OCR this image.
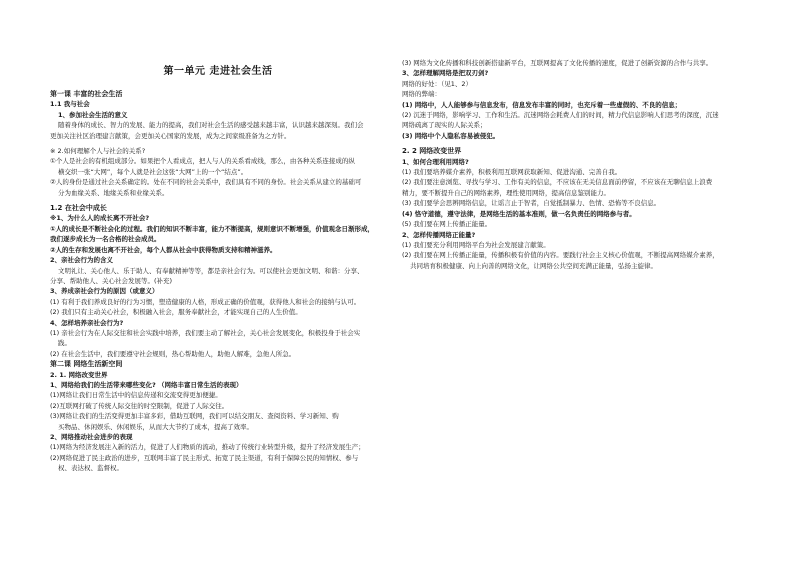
第一单元 走进社会生活
第一课 丰富的社会生活
1.1 我与社会
1、参加社会生活的意义
随着身体的成长、智力的发展、能力的提高，我们对社会生活的感受越来越丰富，认识越来越深刻。我们会
更加关注社区治理建言献策，会更加关心国家的发展，成为之间家级准备为之方针。
※ 2.如何理解个人与社会的关系?
①个人是社会的有机组成部分。如果把个人看成点，把人与人的关系看成线，那么，由各种关系连接成的纵
横交织一张“大网”，每个人就是社会这张“大网”上的一个“结点”。
②人的身份是通过社会关系确定的。处在不同的社会关系中，我们具有不同的身份。社会关系从建立的基础可
分为血缘关系、地缘关系和业缘关系。
1.2 在社会中成长
※1、为什么人的成长离不开社会?
①人的成长是不断社会化的过程。我们的知识不断丰富，能力不断提高，规则意识不断增强，价值观念日渐形成，
我们逐步成长为一名合格的社会成员。
②人的生存和发展也离不开社会，每个人都从社会中获得物质支持和精神滋养。
2、亲社会行为的含义
文明礼让、关心他人、乐于助人、有奉献精神等等，都是亲社会行为。可以使社会更加文明、和谐：分享、
分享、帮助他人、关心社会发展等。(补充)
3、养成亲社会行为的原因（或意义）
(1) 有利于我们养成良好的行为习惯，塑造健康的人格，形成正确的价值观，获得他人和社会的接纳与认可。
(2) 我们只有主动关心社会，积极融入社会，服务奉献社会，才能实现自己的人生价值。
4、怎样培养亲社会行为?
(1) 亲社会行为在人际交往和社会实践中培养，我们要主动了解社会，关心社会发展变化，积极投身于社会实
践。
(2) 在社会生活中，我们要遵守社会规则，热心帮助他人，助他人解难，急他人所急。
第二课 网络生活新空间
2. 1. 网络改变世界
1、网络给我们的生活带来哪些变化? （网络丰富日常生活的表现）
(1)网络让我们日常生活中的信息传递和交流变得更加便捷。
(2)互联网打破了传统人际交往的时空限制，促进了人际交往。
(3)网络让我们的生活变得更加丰富多彩，借助互联网，我们可以结交朋友、查阅资料、学习新知、购
买物品、休闲娱乐、休闲娱乐，从而大大节约了成本，提高了效率。
2、网络推动社会进步的表现
(1)网络为经济发展注入新的活力，促进了人们物质的流动，推动了传统行业转型升级，提升了经济发展生产；
(2)网络促进了民主政治的进步，互联网丰富了民主形式、拓宽了民主渠道，有利于保障公民的知情权、参与
权、表达权、监督权。
(3) 网络为文化传播和科技创新搭建新平台，互联网提高了文化传播的速度，促进了创新资源的合作与共享。
3、怎样理解网络是把双刃剑?
网络的好处：（见1、2）
网络的弊端：
(1) 网络中，人人能够参与信息发布，信息发布丰富的同时，也充斥着一些虚假的、不良的信息；
(2) 沉迷于网络，影响学习、工作和生活。沉迷网络会耗费人们的时间，精力代信息影响人们思考的深度，沉迷
网络疏离了现实的人际关系；
(3) 网络中个人隐私容易被侵犯。
2. 2 网络改变世界
1、如何合理利用网络?
(1) 我们要培养媒介素养，积极利用互联网获取新知、促进沟通、完善自我。
(2) 我们要注意浏览、寻找与学习、工作有关的信息，不应该在无关信息面前停留，不应该在无聊信息上浪费
精力，要不断提升自己的网络素养，理性使用网络，提高信息鉴别能力。
(3) 我们要学会思辨网络信息，让谣言止于智者，自觉抵制暴力、色情、恐怖等不良信息。
(4) 恪守道德，遵守法律，是网络生活的基本准则，做一名负责任的网络参与者。
(5) 我们要在网上传播正能量。
2、怎样传播网络正能量?
(1) 我们要充分利用网络平台为社会发展建言献策。
(2) 我们要在网上传播正能量，传播积极有价值的内容。要践行社会主义核心价值观，不断提高网络媒介素养，
共同培育积极健康、向上向善的网络文化，让网络公共空间充满正能量，弘扬主旋律。
